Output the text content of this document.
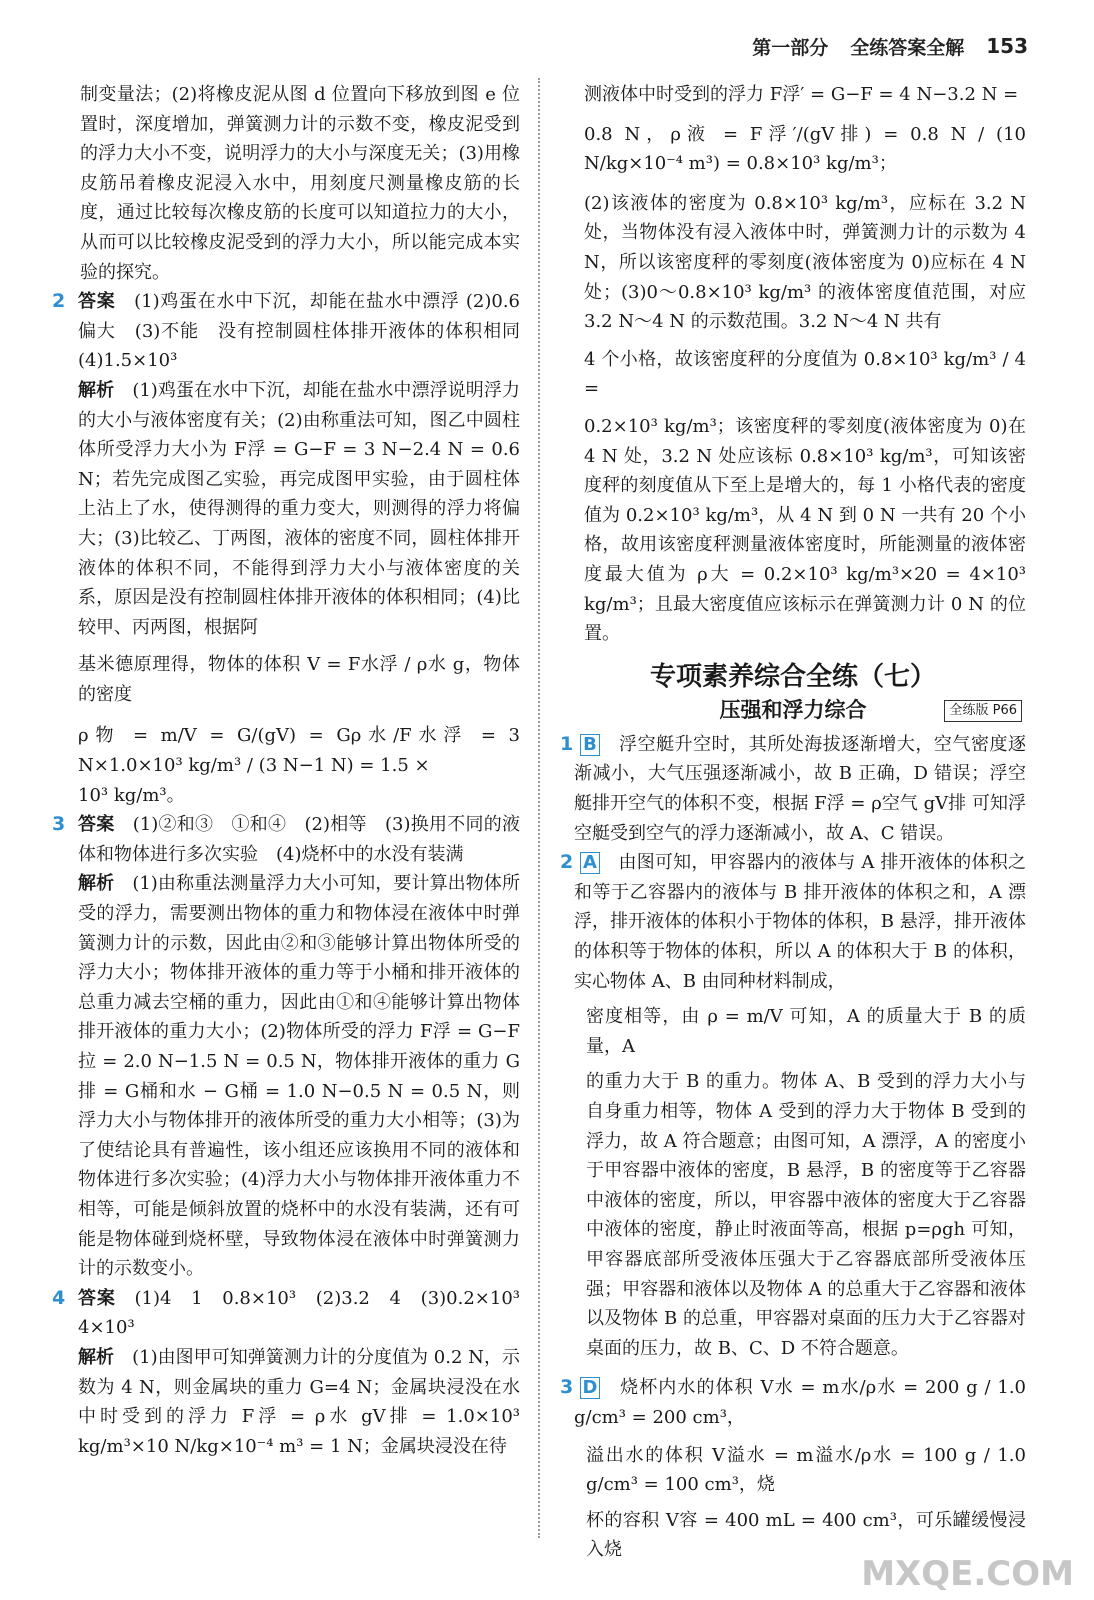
第一部分 全练答案全解 153

制变量法；(2)将橡皮泥从图 d 位置向下移放到图 e 位置时，深度增加，弹簧测力计的示数不变，橡皮泥受到的浮力大小不变，说明浮力的大小与深度无关；(3)用橡皮筋吊着橡皮泥浸入水中，用刻度尺测量橡皮筋的长度，通过比较每次橡皮筋的长度可以知道拉力的大小，从而可以比较橡皮泥受到的浮力大小，所以能完成本实验的探究。

2 答案　 (1)鸡蛋在水中下沉，却能在盐水中漂浮 (2)0.6　偏大　(3)不能　没有控制圆柱体排开液体的体积相同　(4)1.5×10³

解析　 (1)鸡蛋在水中下沉，却能在盐水中漂浮说明浮力的大小与液体密度有关；(2)由称重法可知，图乙中圆柱体所受浮力大小为 F浮 = G−F = 3 N−2.4 N = 0.6 N；若先完成图乙实验，再完成图甲实验，由于圆柱体上沾上了水，使得测得的重力变大，则测得的浮力将偏大；(3)比较乙、丁两图，液体的密度不同，圆柱体排开液体的体积不同，不能得到浮力大小与液体密度的关系，原因是没有控制圆柱体排开液体的体积相同；(4)比较甲、丙两图，根据阿

基米德原理得，物体的体积 V = F水浮 / ρ水 g，物体的密度

ρ物 = m/V = G/(gV) = Gρ水/F水浮 = 3 N×1.0×10³ kg/m³ / (3 N−1 N) = 1.5 ×

10³ kg/m³。

3 答案　 (1)②和③　①和④　(2)相等　(3)换用不同的液体和物体进行多次实验　(4)烧杯中的水没有装满

解析　 (1)由称重法测量浮力大小可知，要计算出物体所受的浮力，需要测出物体的重力和物体浸在液体中时弹簧测力计的示数，因此由②和③能够计算出物体所受的浮力大小；物体排开液体的重力等于小桶和排开液体的总重力减去空桶的重力，因此由①和④能够计算出物体排开液体的重力大小；(2)物体所受的浮力 F浮 = G−F拉 = 2.0 N−1.5 N = 0.5 N，物体排开液体的重力 G排 = G桶和水 − G桶 = 1.0 N−0.5 N = 0.5 N，则浮力大小与物体排开的液体所受的重力大小相等；(3)为了使结论具有普遍性，该小组还应该换用不同的液体和物体进行多次实验；(4)浮力大小与物体排开液体重力不相等，可能是倾斜放置的烧杯中的水没有装满，还有可能是物体碰到烧杯壁，导致物体浸在液体中时弹簧测力计的示数变小。

4 答案　 (1)4　1　0.8×10³　(2)3.2　4　(3)0.2×10³　4×10³

解析　 (1)由图甲可知弹簧测力计的分度值为 0.2 N，示数为 4 N，则金属块的重力 G=4 N；金属块浸没在水中时受到的浮力 F浮 = ρ水 gV排 = 1.0×10³ kg/m³×10 N/kg×10⁻⁴ m³ = 1 N；金属块浸没在待

测液体中时受到的浮力 F浮′ = G−F = 4 N−3.2 N =

0.8 N，ρ液 = F浮′/(gV排) = 0.8 N / (10 N/kg×10⁻⁴ m³) = 0.8×10³ kg/m³；

(2)该液体的密度为 0.8×10³ kg/m³，应标在 3.2 N 处，当物体没有浸入液体中时，弹簧测力计的示数为 4 N，所以该密度秤的零刻度(液体密度为 0)应标在 4 N 处；(3)0～0.8×10³ kg/m³ 的液体密度值范围，对应 3.2 N～4 N 的示数范围。3.2 N～4 N 共有

4 个小格，故该密度秤的分度值为 0.8×10³ kg/m³ / 4 =

0.2×10³ kg/m³；该密度秤的零刻度(液体密度为 0)在 4 N 处，3.2 N 处应该标 0.8×10³ kg/m³，可知该密度秤的刻度值从下至上是增大的，每 1 小格代表的密度值为 0.2×10³ kg/m³，从 4 N 到 0 N 一共有 20 个小格，故用该密度秤测量液体密度时，所能测量的液体密度最大值为 ρ大 = 0.2×10³ kg/m³×20 = 4×10³ kg/m³；且最大密度值应该标示在弹簧测力计 0 N 的位置。

专项素养综合全练（七）
压强和浮力综合	全练版 P66
1 B　 浮空艇升空时，其所处海拔逐渐增大，空气密度逐渐减小，大气压强逐渐减小，故 B 正确，D 错误；浮空艇排开空气的体积不变，根据 F浮 = ρ空气 gV排 可知浮空艇受到空气的浮力逐渐减小，故 A、C 错误。

2 A　 由图可知，甲容器内的液体与 A 排开液体的体积之和等于乙容器内的液体与 B 排开液体的体积之和，A 漂浮，排开液体的体积小于物体的体积，B 悬浮，排开液体的体积等于物体的体积，所以 A 的体积大于 B 的体积，实心物体 A、B 由同种材料制成，

密度相等，由 ρ = m/V 可知，A 的质量大于 B 的质量，A

的重力大于 B 的重力。物体 A、B 受到的浮力大小与自身重力相等，物体 A 受到的浮力大于物体 B 受到的浮力，故 A 符合题意；由图可知，A 漂浮，A 的密度小于甲容器中液体的密度，B 悬浮，B 的密度等于乙容器中液体的密度，所以，甲容器中液体的密度大于乙容器中液体的密度，静止时液面等高，根据 p=ρgh 可知，甲容器底部所受液体压强大于乙容器底部所受液体压强；甲容器和液体以及物体 A 的总重大于乙容器和液体以及物体 B 的总重，甲容器对桌面的压力大于乙容器对桌面的压力，故 B、C、D 不符合题意。

3 D　 烧杯内水的体积 V水 = m水/ρ水 = 200 g / 1.0 g/cm³ = 200 cm³，

溢出水的体积 V溢水 = m溢水/ρ水 = 100 g / 1.0 g/cm³ = 100 cm³，烧

杯的容积 V容 = 400 mL = 400 cm³，可乐罐缓慢浸入烧

MXQE.COM
